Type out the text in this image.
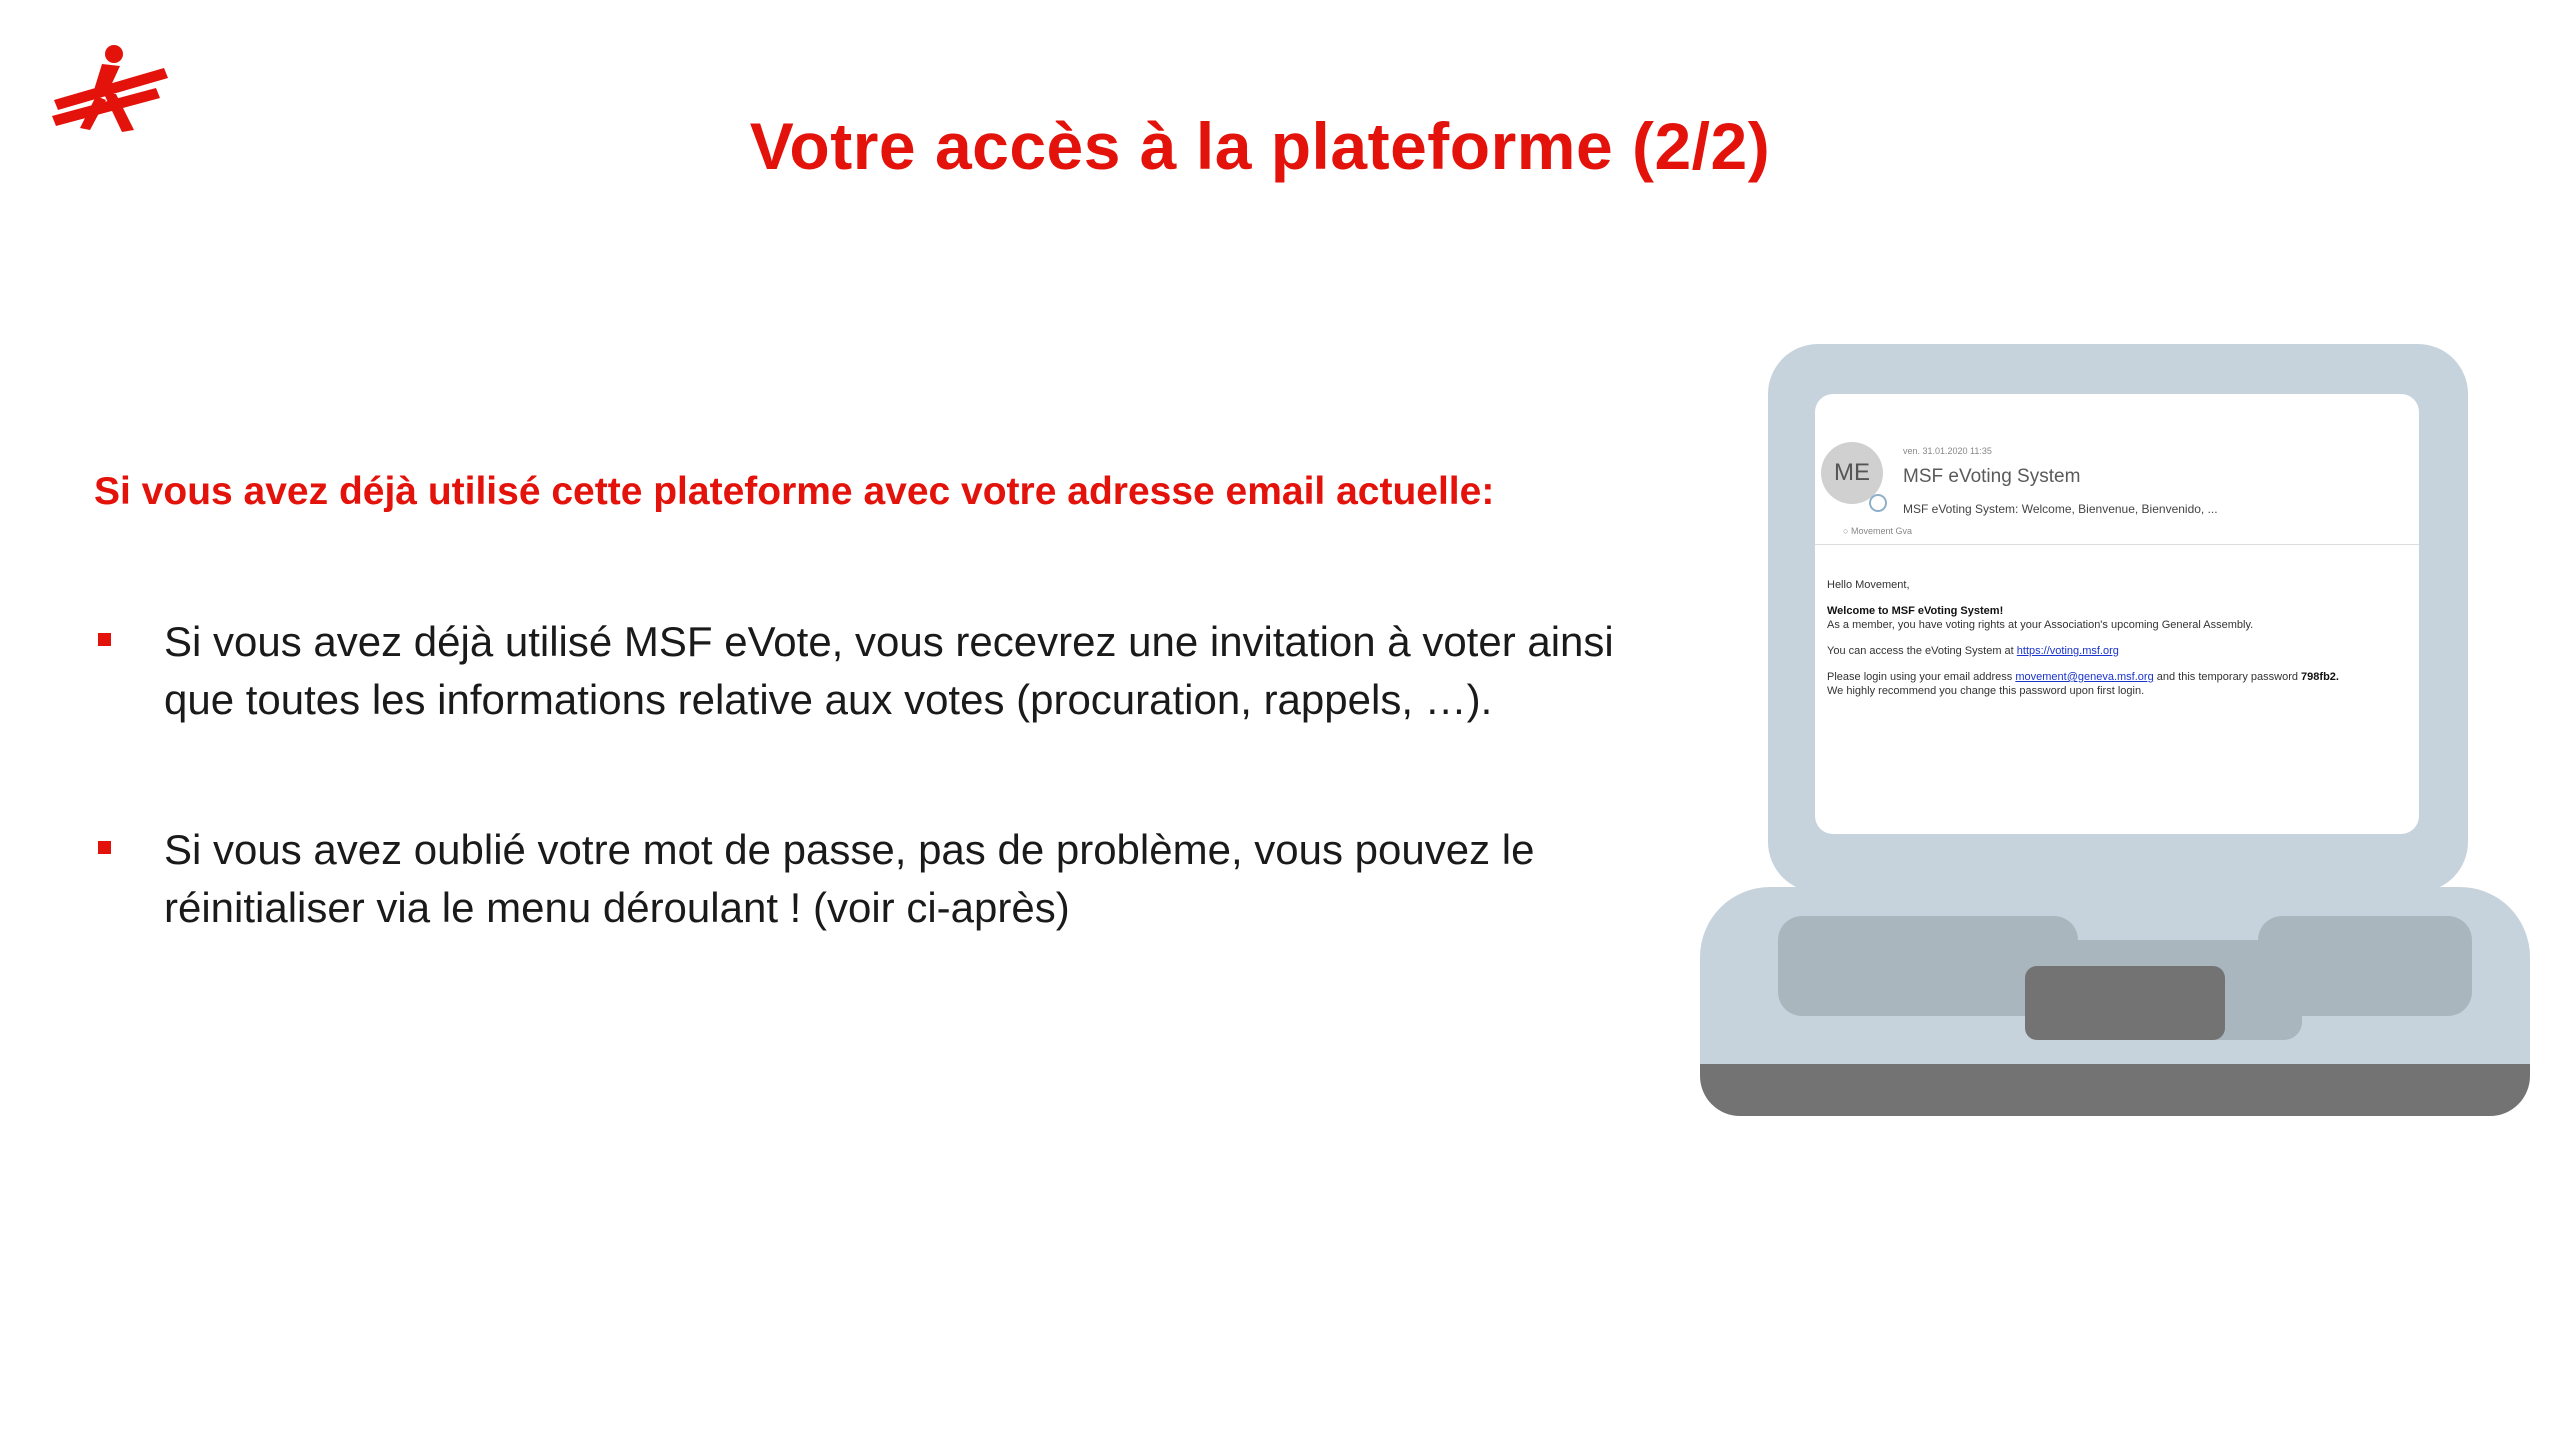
Votre accès à la plateforme (2/2)
Si vous avez déjà utilisé cette plateforme avec votre adresse email actuelle:
Si vous avez déjà utilisé MSF eVote, vous recevrez une invitation à voter ainsi
que toutes les informations relative aux votes (procuration, rappels, …).
Si vous avez oublié votre mot de passe, pas de problème, vous pouvez le
réinitialiser via le menu déroulant ! (voir ci-après)
ven. 31.01.2020 11:35
ME	MSF eVoting System
MSF eVoting System: Welcome, Bienvenue, Bienvenido, ...
○ Movement Gva

Hello Movement,

Welcome to MSF eVoting System!
As a member, you have voting rights at your Association's upcoming General Assembly.

You can access the eVoting System at https://voting.msf.org

Please login using your email address movement@geneva.msf.org and this temporary password 798fb2.
We highly recommend you change this password upon first login.
